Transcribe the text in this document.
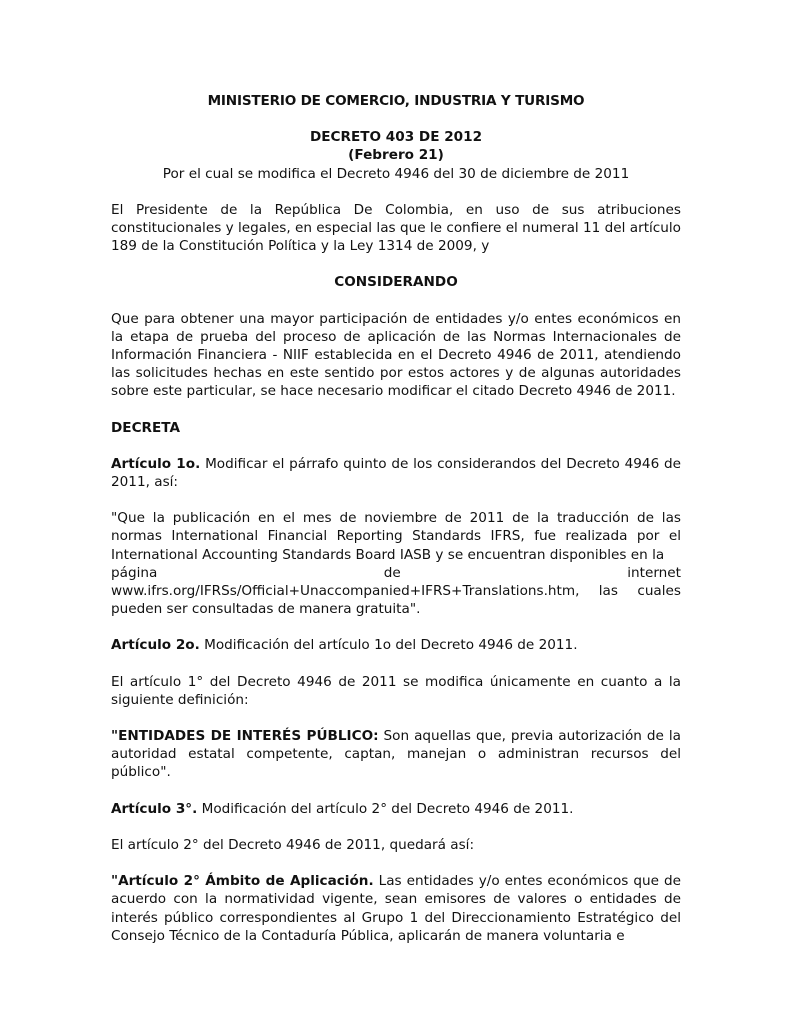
MINISTERIO DE COMERCIO, INDUSTRIA Y TURISMO

DECRETO 403 DE 2012

(Febrero 21)

Por el cual se modifica el Decreto 4946 del 30 de diciembre de 2011

El Presidente de la República De Colombia, en uso de sus atribuciones constitucionales y legales, en especial las que le confiere el numeral 11 del artículo 189 de la Constitución Política y la Ley 1314 de 2009, y

CONSIDERANDO

Que para obtener una mayor participación de entidades y/o entes económicos en la etapa de prueba del proceso de aplicación de las Normas Internacionales de Información Financiera - NIIF establecida en el Decreto 4946 de 2011, atendiendo las solicitudes hechas en este sentido por estos actores y de algunas autoridades sobre este particular, se hace necesario modificar el citado Decreto 4946 de 2011.

DECRETA

Artículo 1o. Modificar el párrafo quinto de los considerandos del Decreto 4946 de 2011, así:

"Que la publicación en el mes de noviembre de 2011 de la traducción de las normas International Financial Reporting Standards IFRS, fue realizada por el International Accounting Standards Board IASB y se encuentran disponibles en la

página	de	internet
www.ifrs.org/IFRSs/Official+Unaccompanied+IFRS+Translations.htm, las cuales

pueden ser consultadas de manera gratuita".

Artículo 2o. Modificación del artículo 1o del Decreto 4946 de 2011.

El artículo 1° del Decreto 4946 de 2011 se modifica únicamente en cuanto a la siguiente definición:

"ENTIDADES DE INTERÉS PÚBLICO: Son aquellas que, previa autorización de la autoridad estatal competente, captan, manejan o administran recursos del público".

Artículo 3°. Modificación del artículo 2° del Decreto 4946 de 2011.

El artículo 2° del Decreto 4946 de 2011, quedará así:

"Artículo 2° Ámbito de Aplicación. Las entidades y/o entes económicos que de acuerdo con la normatividad vigente, sean emisores de valores o entidades de interés público correspondientes al Grupo 1 del Direccionamiento Estratégico del Consejo Técnico de la Contaduría Pública, aplicarán de manera voluntaria e
